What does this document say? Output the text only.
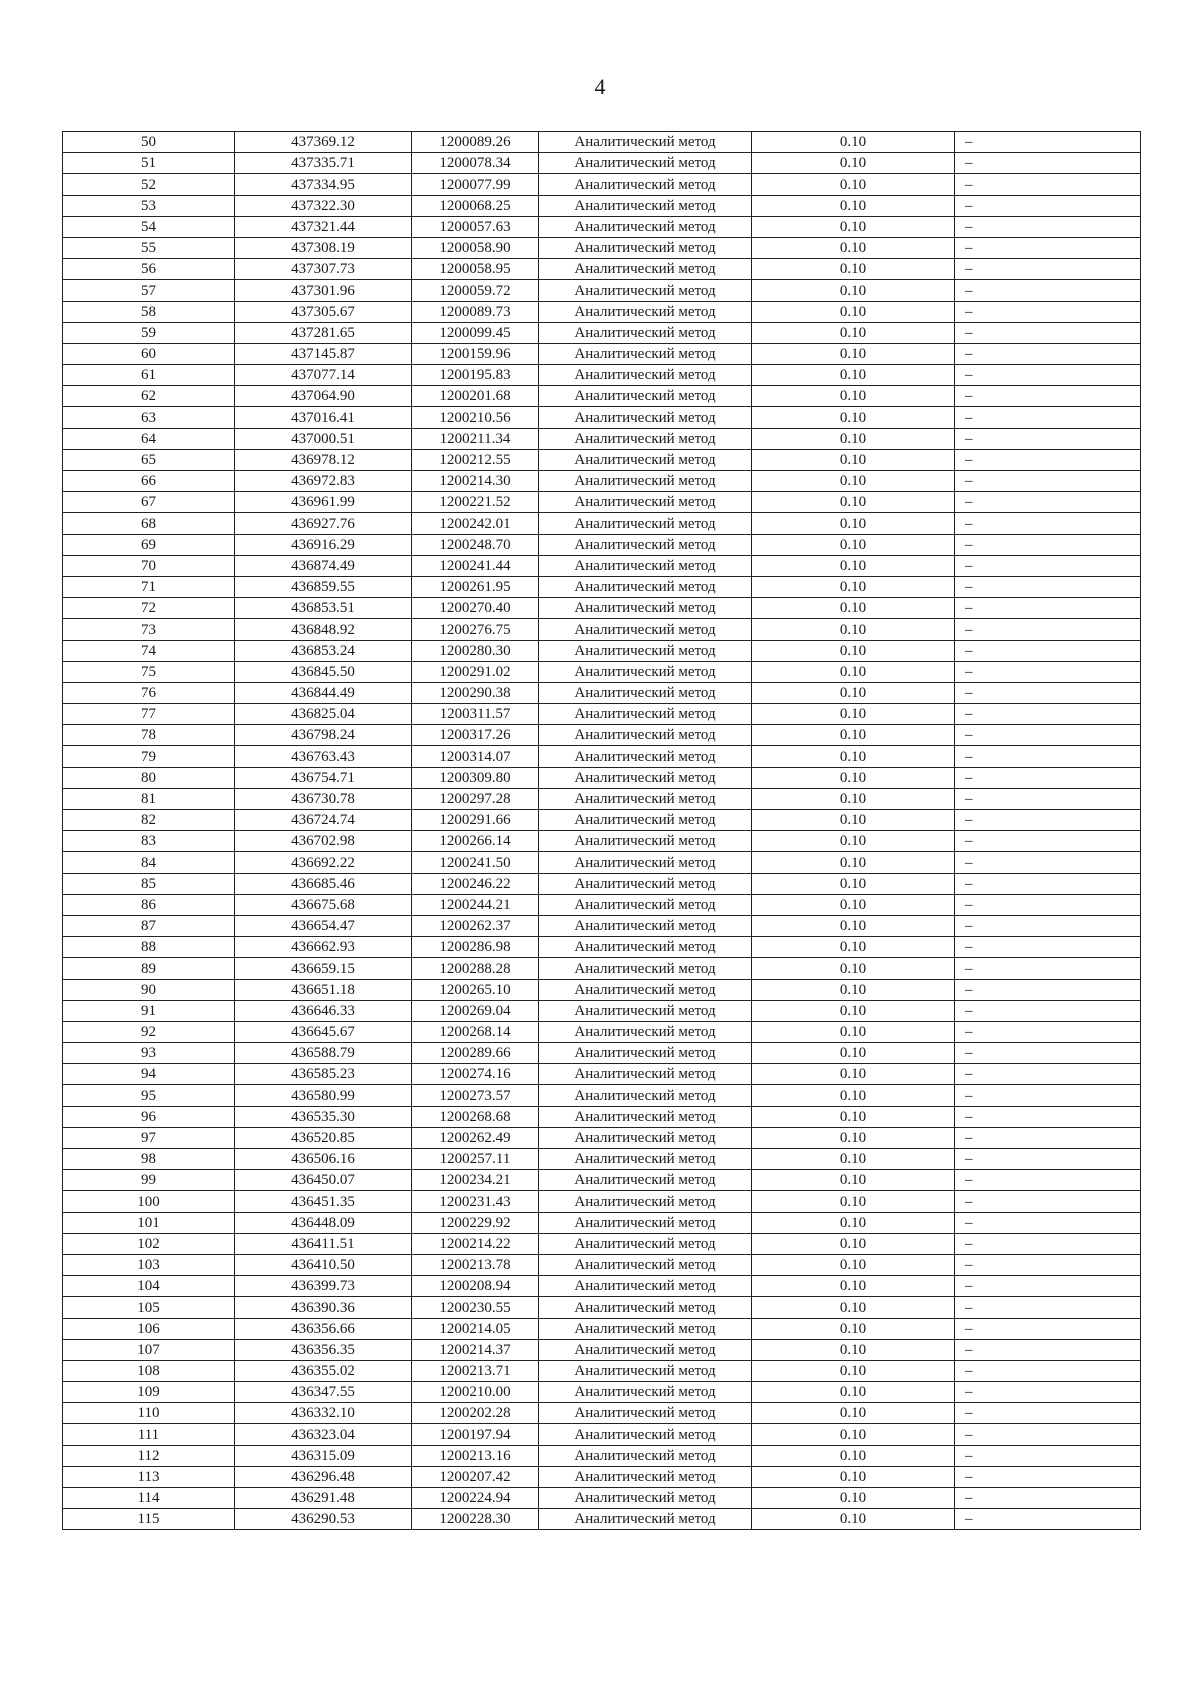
4
50	437369.12	1200089.26	Аналитический метод	0.10	–
51	437335.71	1200078.34	Аналитический метод	0.10	–
52	437334.95	1200077.99	Аналитический метод	0.10	–
53	437322.30	1200068.25	Аналитический метод	0.10	–
54	437321.44	1200057.63	Аналитический метод	0.10	–
55	437308.19	1200058.90	Аналитический метод	0.10	–
56	437307.73	1200058.95	Аналитический метод	0.10	–
57	437301.96	1200059.72	Аналитический метод	0.10	–
58	437305.67	1200089.73	Аналитический метод	0.10	–
59	437281.65	1200099.45	Аналитический метод	0.10	–
60	437145.87	1200159.96	Аналитический метод	0.10	–
61	437077.14	1200195.83	Аналитический метод	0.10	–
62	437064.90	1200201.68	Аналитический метод	0.10	–
63	437016.41	1200210.56	Аналитический метод	0.10	–
64	437000.51	1200211.34	Аналитический метод	0.10	–
65	436978.12	1200212.55	Аналитический метод	0.10	–
66	436972.83	1200214.30	Аналитический метод	0.10	–
67	436961.99	1200221.52	Аналитический метод	0.10	–
68	436927.76	1200242.01	Аналитический метод	0.10	–
69	436916.29	1200248.70	Аналитический метод	0.10	–
70	436874.49	1200241.44	Аналитический метод	0.10	–
71	436859.55	1200261.95	Аналитический метод	0.10	–
72	436853.51	1200270.40	Аналитический метод	0.10	–
73	436848.92	1200276.75	Аналитический метод	0.10	–
74	436853.24	1200280.30	Аналитический метод	0.10	–
75	436845.50	1200291.02	Аналитический метод	0.10	–
76	436844.49	1200290.38	Аналитический метод	0.10	–
77	436825.04	1200311.57	Аналитический метод	0.10	–
78	436798.24	1200317.26	Аналитический метод	0.10	–
79	436763.43	1200314.07	Аналитический метод	0.10	–
80	436754.71	1200309.80	Аналитический метод	0.10	–
81	436730.78	1200297.28	Аналитический метод	0.10	–
82	436724.74	1200291.66	Аналитический метод	0.10	–
83	436702.98	1200266.14	Аналитический метод	0.10	–
84	436692.22	1200241.50	Аналитический метод	0.10	–
85	436685.46	1200246.22	Аналитический метод	0.10	–
86	436675.68	1200244.21	Аналитический метод	0.10	–
87	436654.47	1200262.37	Аналитический метод	0.10	–
88	436662.93	1200286.98	Аналитический метод	0.10	–
89	436659.15	1200288.28	Аналитический метод	0.10	–
90	436651.18	1200265.10	Аналитический метод	0.10	–
91	436646.33	1200269.04	Аналитический метод	0.10	–
92	436645.67	1200268.14	Аналитический метод	0.10	–
93	436588.79	1200289.66	Аналитический метод	0.10	–
94	436585.23	1200274.16	Аналитический метод	0.10	–
95	436580.99	1200273.57	Аналитический метод	0.10	–
96	436535.30	1200268.68	Аналитический метод	0.10	–
97	436520.85	1200262.49	Аналитический метод	0.10	–
98	436506.16	1200257.11	Аналитический метод	0.10	–
99	436450.07	1200234.21	Аналитический метод	0.10	–
100	436451.35	1200231.43	Аналитический метод	0.10	–
101	436448.09	1200229.92	Аналитический метод	0.10	–
102	436411.51	1200214.22	Аналитический метод	0.10	–
103	436410.50	1200213.78	Аналитический метод	0.10	–
104	436399.73	1200208.94	Аналитический метод	0.10	–
105	436390.36	1200230.55	Аналитический метод	0.10	–
106	436356.66	1200214.05	Аналитический метод	0.10	–
107	436356.35	1200214.37	Аналитический метод	0.10	–
108	436355.02	1200213.71	Аналитический метод	0.10	–
109	436347.55	1200210.00	Аналитический метод	0.10	–
110	436332.10	1200202.28	Аналитический метод	0.10	–
111	436323.04	1200197.94	Аналитический метод	0.10	–
112	436315.09	1200213.16	Аналитический метод	0.10	–
113	436296.48	1200207.42	Аналитический метод	0.10	–
114	436291.48	1200224.94	Аналитический метод	0.10	–
115	436290.53	1200228.30	Аналитический метод	0.10	–
